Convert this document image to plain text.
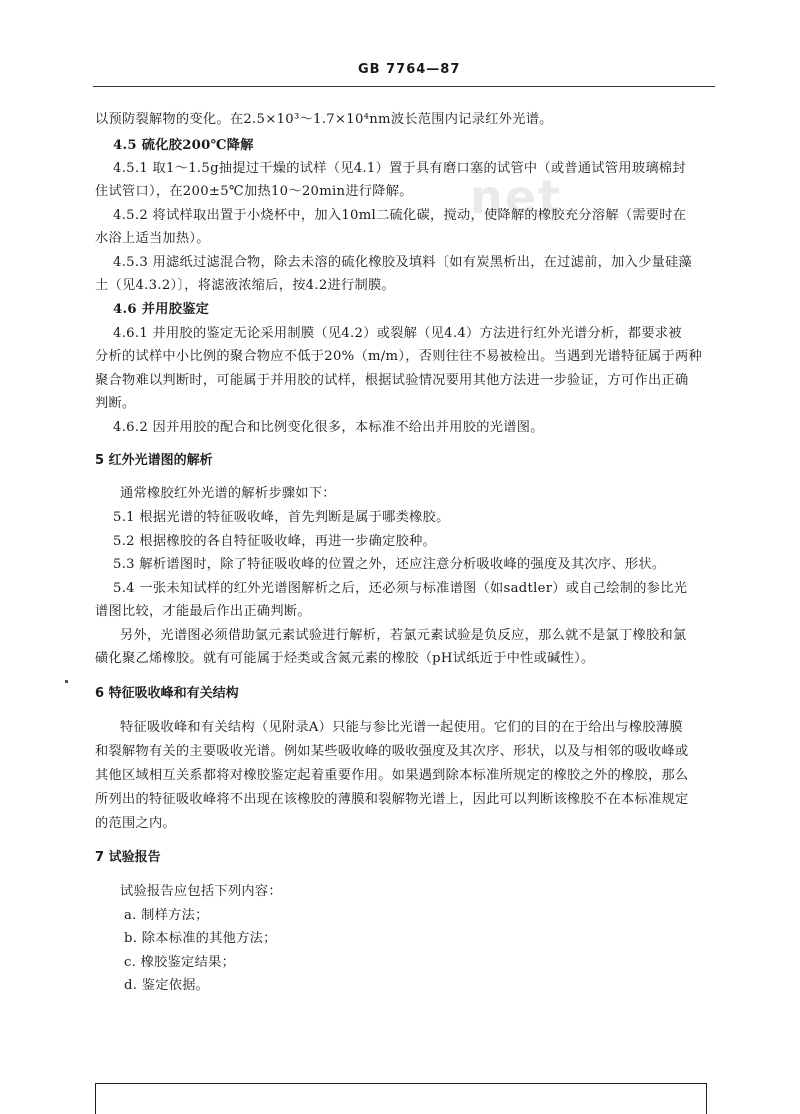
GB 7764—87
net
以预防裂解物的变化。在2.5×10³～1.7×10⁴nm波长范围内记录红外光谱。
4.5 硫化胶200℃降解
4.5.1 取1～1.5g抽提过干燥的试样（见4.1）置于具有磨口塞的试管中（或普通试管用玻璃棉封
住试管口），在200±5℃加热10～20min进行降解。
4.5.2 将试样取出置于小烧杯中，加入10ml二硫化碳，搅动，使降解的橡胶充分溶解（需要时在
水浴上适当加热）。
4.5.3 用滤纸过滤混合物，除去未溶的硫化橡胶及填料〔如有炭黑析出，在过滤前，加入少量硅藻
土（见4.3.2）〕，将滤液浓缩后，按4.2进行制膜。
4.6 并用胶鉴定
4.6.1 并用胶的鉴定无论采用制膜（见4.2）或裂解（见4.4）方法进行红外光谱分析，都要求被
分析的试样中小比例的聚合物应不低于20%（m/m），否则往往不易被检出。当遇到光谱特征属于两种
聚合物难以判断时，可能属于并用胶的试样，根据试验情况要用其他方法进一步验证，方可作出正确
判断。
4.6.2 因并用胶的配合和比例变化很多，本标准不给出并用胶的光谱图。
5 红外光谱图的解析
通常橡胶红外光谱的解析步骤如下：
5.1 根据光谱的特征吸收峰，首先判断是属于哪类橡胶。
5.2 根据橡胶的各自特征吸收峰，再进一步确定胶种。
5.3 解析谱图时，除了特征吸收峰的位置之外，还应注意分析吸收峰的强度及其次序、形状。
5.4 一张未知试样的红外光谱图解析之后，还必须与标准谱图（如sadtler）或自己绘制的参比光
谱图比较，才能最后作出正确判断。
另外，光谱图必须借助氯元素试验进行解析，若氯元素试验是负反应，那么就不是氯丁橡胶和氯
磺化聚乙烯橡胶。就有可能属于烃类或含氮元素的橡胶（pH试纸近于中性或碱性）。
6 特征吸收峰和有关结构
特征吸收峰和有关结构（见附录A）只能与参比光谱一起使用。它们的目的在于给出与橡胶薄膜
和裂解物有关的主要吸收光谱。例如某些吸收峰的吸收强度及其次序、形状，以及与相邻的吸收峰或
其他区域相互关系都将对橡胶鉴定起着重要作用。如果遇到除本标准所规定的橡胶之外的橡胶，那么
所列出的特征吸收峰将不出现在该橡胶的薄膜和裂解物光谱上，因此可以判断该橡胶不在本标准规定
的范围之内。
7 试验报告
试验报告应包括下列内容：
a. 制样方法；
b. 除本标准的其他方法；
c. 橡胶鉴定结果；
d. 鉴定依据。
